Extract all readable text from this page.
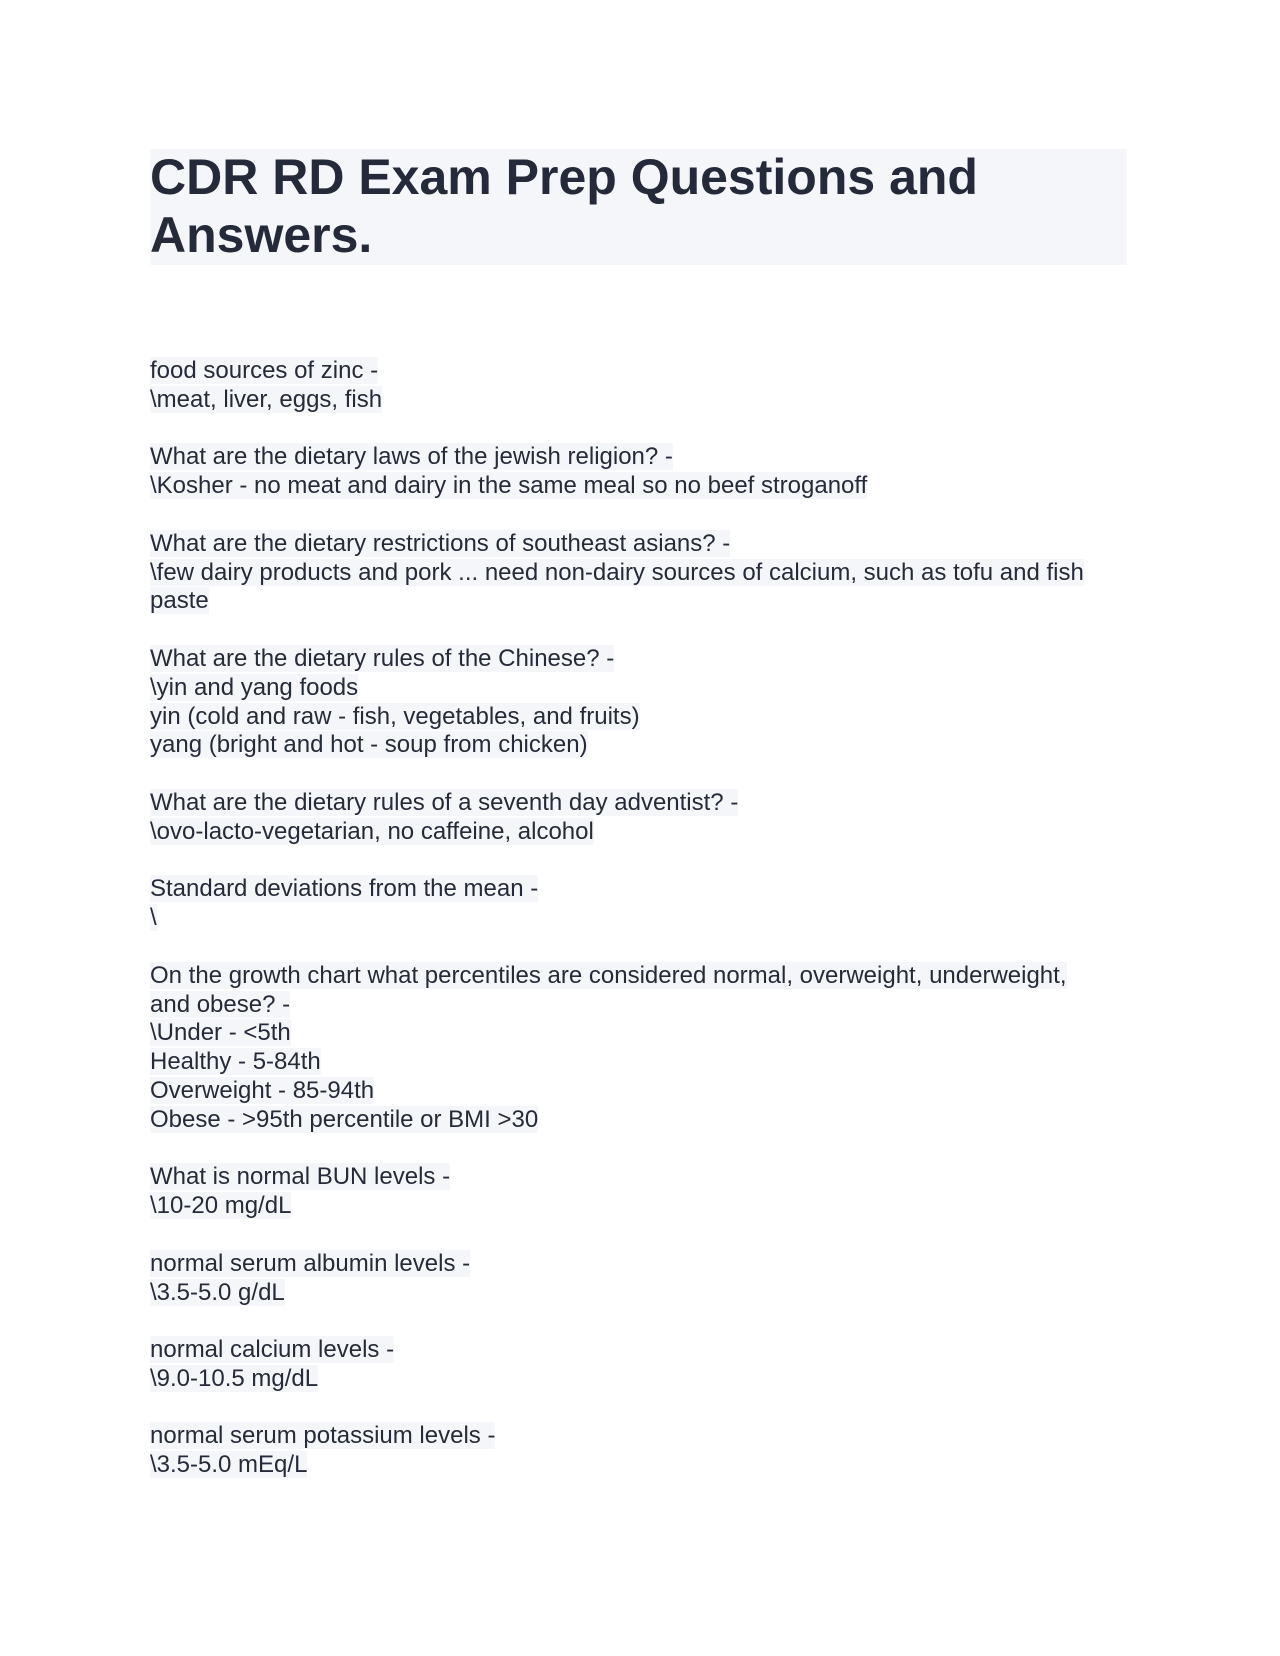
CDR RD Exam Prep Questions and
Answers.
food sources of zinc -
\meat, liver, eggs, fish
What are the dietary laws of the jewish religion? -
\Kosher - no meat and dairy in the same meal so no beef stroganoff
What are the dietary restrictions of southeast asians? -
\few dairy products and pork ... need non-dairy sources of calcium, such as tofu and fish
paste
What are the dietary rules of the Chinese? -
\yin and yang foods
yin (cold and raw - fish, vegetables, and fruits)
yang (bright and hot - soup from chicken)
What are the dietary rules of a seventh day adventist? -
\ovo-lacto-vegetarian, no caffeine, alcohol
Standard deviations from the mean -
\
On the growth chart what percentiles are considered normal, overweight, underweight,
and obese? -
\Under - <5th
Healthy - 5-84th
Overweight - 85-94th
Obese - >95th percentile or BMI >30
What is normal BUN levels -
\10-20 mg/dL
normal serum albumin levels -
\3.5-5.0 g/dL
normal calcium levels -
\9.0-10.5 mg/dL
normal serum potassium levels -
\3.5-5.0 mEq/L
